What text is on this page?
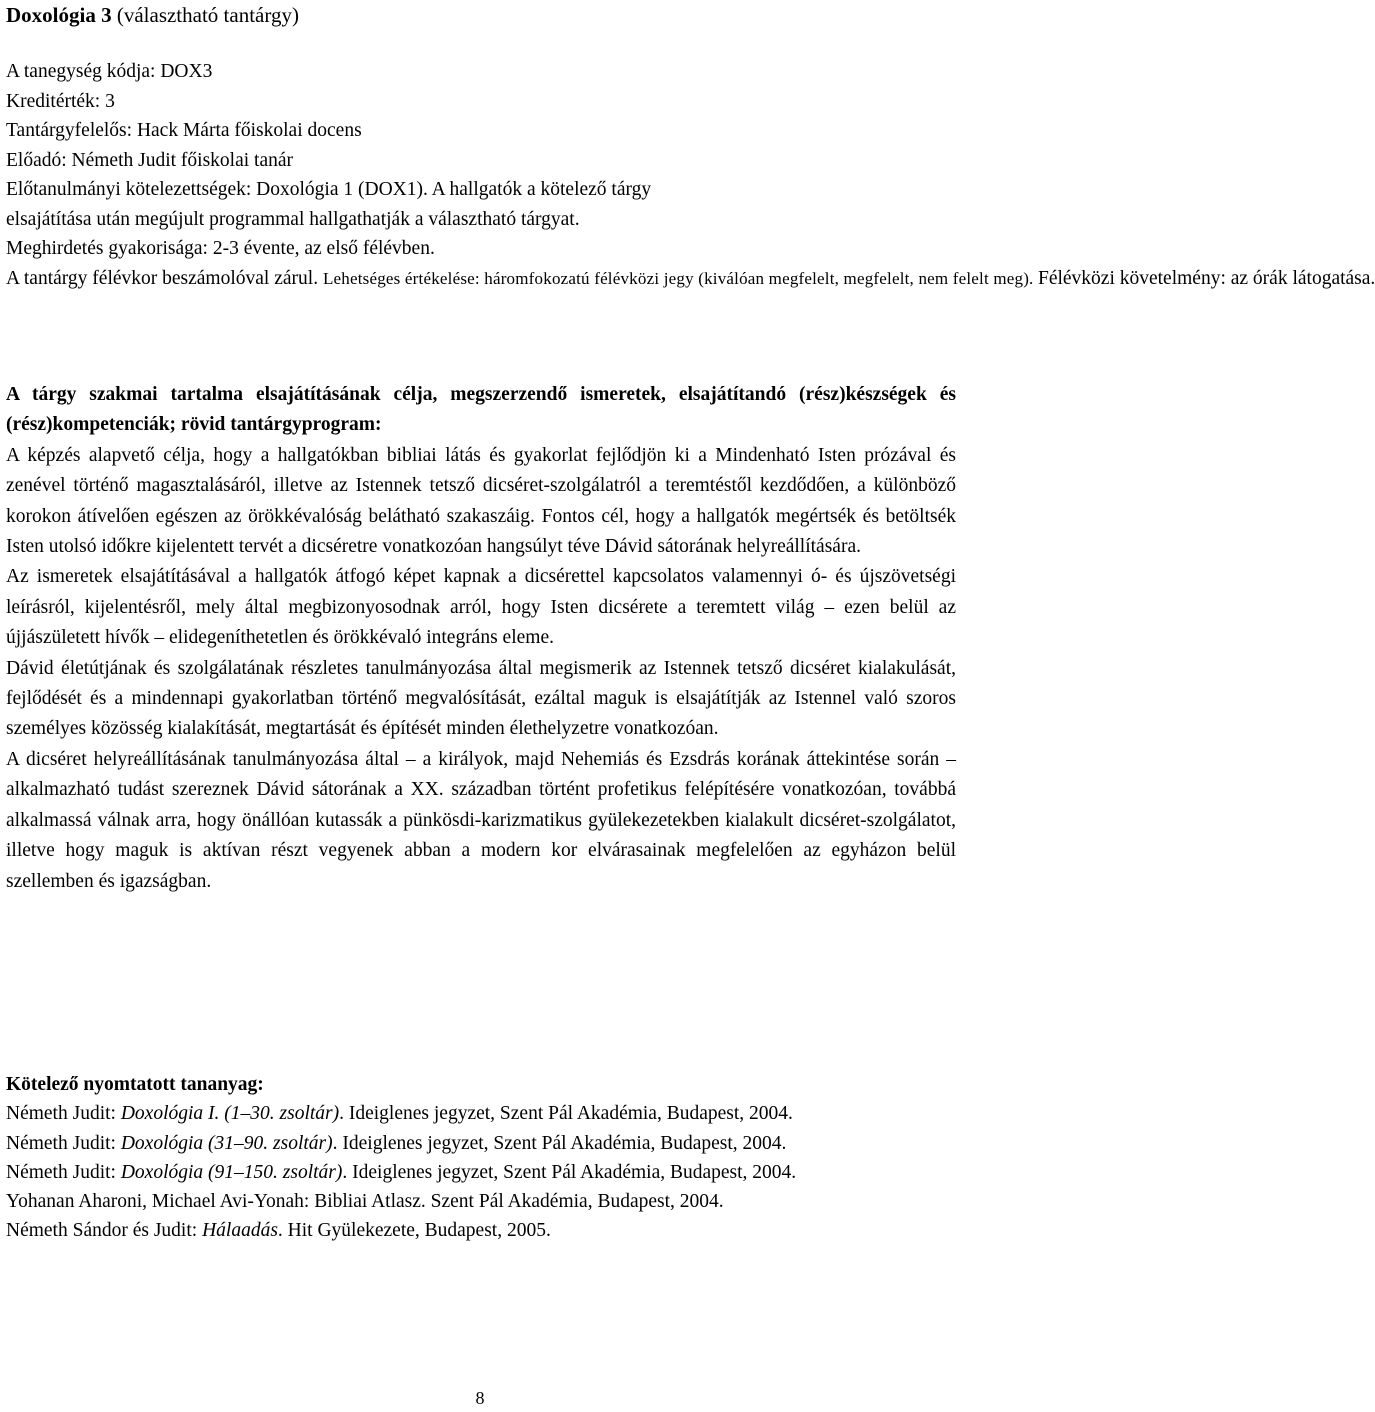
Doxológia 3 (választható tantárgy)
A tanegység kódja: DOX3
Kreditérték: 3
Tantárgyfelelős: Hack Márta főiskolai docens
Előadó: Németh Judit főiskolai tanár
Előtanulmányi kötelezettségek: Doxológia 1 (DOX1). A hallgatók a kötelező tárgy
elsajátítása után megújult programmal hallgathatják a választható tárgyat.
Meghirdetés gyakorisága: 2-3 évente, az első félévben.
A tantárgy félévkor beszámolóval zárul. Lehetséges értékelése: háromfokozatú félévközi jegy (kiválóan megfelelt, megfelelt, nem felelt meg). Félévközi követelmény: az órák látogatása.

A tárgy szakmai tartalma elsajátításának célja, megszerzendő ismeretek, elsajátítandó (rész)készségek és (rész)kompetenciák; rövid tantárgyprogram:

A képzés alapvető célja, hogy a hallgatókban bibliai látás és gyakorlat fejlődjön ki a Mindenható Isten prózával és zenével történő magasztalásáról, illetve az Istennek tetsző dicséret-szolgálatról a teremtéstől kezdődően, a különböző korokon átívelően egészen az örökkévalóság belátható szakaszáig. Fontos cél, hogy a hallgatók megértsék és betöltsék Isten utolsó időkre kijelentett tervét a dicséretre vonatkozóan hangsúlyt téve Dávid sátorának helyreállítására.

Az ismeretek elsajátításával a hallgatók átfogó képet kapnak a dicsérettel kapcsolatos valamennyi ó- és újszövetségi leírásról, kijelentésről, mely által megbizonyosodnak arról, hogy Isten dicsérete a teremtett világ – ezen belül az újjászületett hívők – elidegeníthetetlen és örökkévaló integráns eleme.

Dávid életútjának és szolgálatának részletes tanulmányozása által megismerik az Istennek tetsző dicséret kialakulását, fejlődését és a mindennapi gyakorlatban történő megvalósítását, ezáltal maguk is elsajátítják az Istennel való szoros személyes közösség kialakítását, megtartását és építését minden élethelyzetre vonatkozóan.

A dicséret helyreállításának tanulmányozása által – a királyok, majd Nehemiás és Ezsdrás korának áttekintése során – alkalmazható tudást szereznek Dávid sátorának a XX. században történt profetikus felépítésére vonatkozóan, továbbá alkalmassá válnak arra, hogy önállóan kutassák a pünkösdi-karizmatikus gyülekezetekben kialakult dicséret-szolgálatot, illetve hogy maguk is aktívan részt vegyenek abban a modern kor elvárasainak megfelelően az egyházon belül szellemben és igazságban.

Kötelező nyomtatott tananyag:

Németh Judit: Doxológia I. (1–30. zsoltár). Ideiglenes jegyzet, Szent Pál Akadémia, Budapest, 2004.

Németh Judit: Doxológia (31–90. zsoltár). Ideiglenes jegyzet, Szent Pál Akadémia, Budapest, 2004.

Németh Judit: Doxológia (91–150. zsoltár). Ideiglenes jegyzet, Szent Pál Akadémia, Budapest, 2004.

Yohanan Aharoni, Michael Avi-Yonah: Bibliai Atlasz. Szent Pál Akadémia, Budapest, 2004.

Németh Sándor és Judit: Hálaadás. Hit Gyülekezete, Budapest, 2005.

8
